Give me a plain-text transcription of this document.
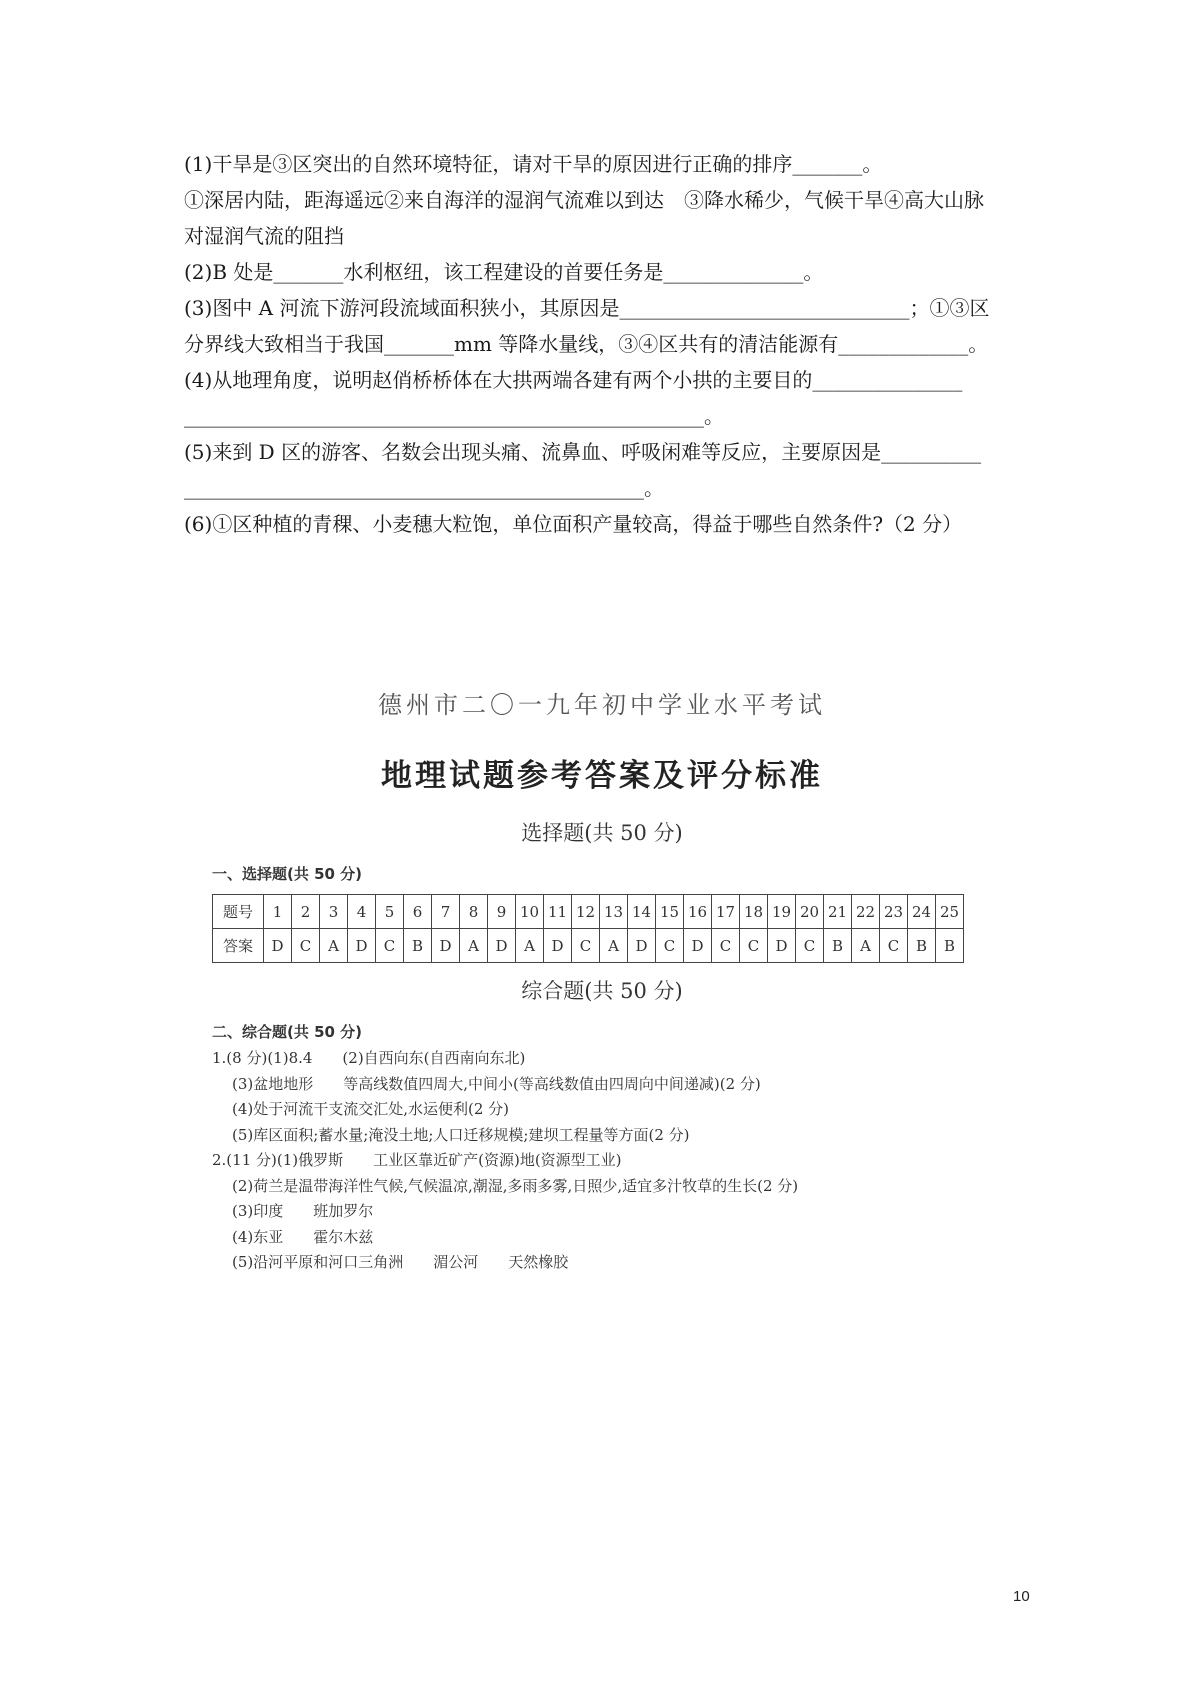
(1)干旱是③区突出的自然环境特征，请对干旱的原因进行正确的排序_______。

①深居内陆，距海遥远②来自海洋的湿润气流难以到达　③降水稀少，气候干旱④高大山脉

对湿润气流的阻挡

(2)B 处是_______水利枢纽，该工程建设的首要任务是______________。

(3)图中 A 河流下游河段流域面积狭小，其原因是_____________________________；①③区

分界线大致相当于我国_______mm 等降水量线，③④区共有的清洁能源有_____________。

(4)从地理角度，说明赵俏桥桥体在大拱两端各建有两个小拱的主要目的_______________

____________________________________________________。

(5)来到 D 区的游客、名数会出现头痛、流鼻血、呼吸闲难等反应，主要原因是__________

______________________________________________。

(6)①区种植的青稞、小麦穗大粒饱，单位面积产量较高，得益于哪些自然条件?（2 分）

德州市二〇一九年初中学业水平考试
地理试题参考答案及评分标准
选择题(共 50 分)
一、选择题(共 50 分)
题号	1	2	3	4	5	6	7	8	9	10	11	12	13	14	15	16	17	18	19	20	21	22	23	24	25
答案	D	C	A	D	C	B	D	A	D	A	D	C	A	D	C	D	C	C	D	C	B	A	C	B	B
综合题(共 50 分)
二、综合题(共 50 分)

1.(8 分)(1)8.4　　(2)自西向东(自西南向东北)

(3)盆地地形　　等高线数值四周大,中间小(等高线数值由四周向中间递减)(2 分)

(4)处于河流干支流交汇处,水运便利(2 分)

(5)库区面积;蓄水量;淹没土地;人口迁移规模;建坝工程量等方面(2 分)

2.(11 分)(1)俄罗斯　　工业区靠近矿产(资源)地(资源型工业)

(2)荷兰是温带海洋性气候,气候温凉,潮湿,多雨多雾,日照少,适宜多汁牧草的生长(2 分)

(3)印度　　班加罗尔

(4)东亚　　霍尔木兹

(5)沿河平原和河口三角洲　　湄公河　　天然橡胶

10
